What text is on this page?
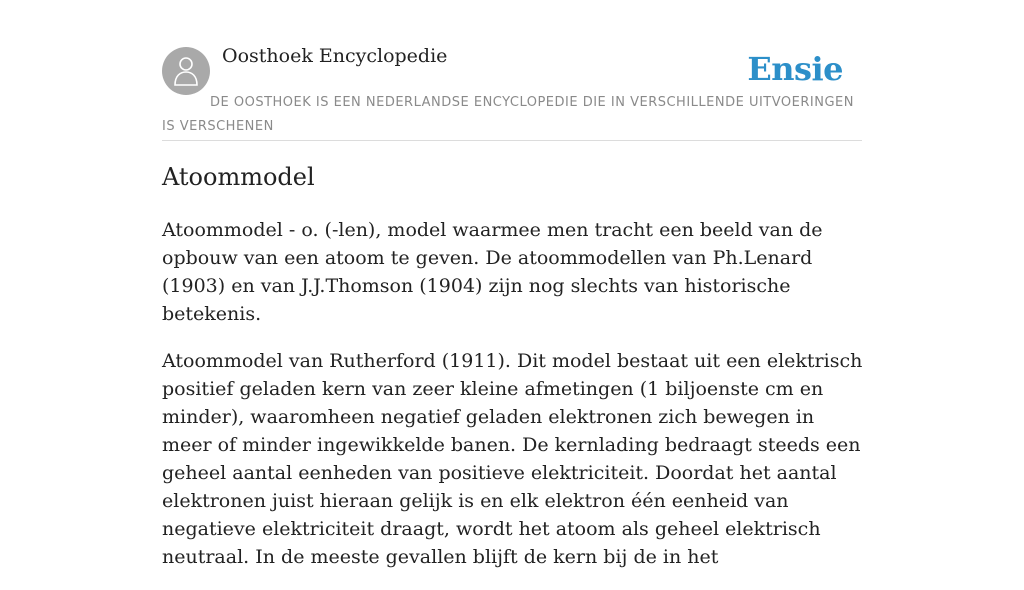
Oosthoek Encyclopedie	Ensie
DE OOSTHOEK IS EEN NEDERLANDSE ENCYCLOPEDIE DIE IN VERSCHILLENDE UITVOERINGEN IS VERSCHENEN
Atoommodel

Atoommodel - o. (-len), model waarmee men tracht een beeld van de opbouw van een atoom te geven. De atoommodellen van Ph.Lenard (1903) en van J.J.Thomson (1904) zijn nog slechts van historische betekenis.

Atoommodel van Rutherford (1911). Dit model bestaat uit een elektrisch positief geladen kern van zeer kleine afmetingen (1 biljoenste cm en minder), waaromheen negatief geladen elektronen zich bewegen in meer of minder ingewikkelde banen. De kernlading bedraagt steeds een geheel aantal eenheden van positieve elektriciteit. Doordat het aantal elektronen juist hieraan gelijk is en elk elektron één eenheid van negatieve elektriciteit draagt, wordt het atoom als geheel elektrisch neutraal. In de meeste gevallen blijft de kern bij de in het
